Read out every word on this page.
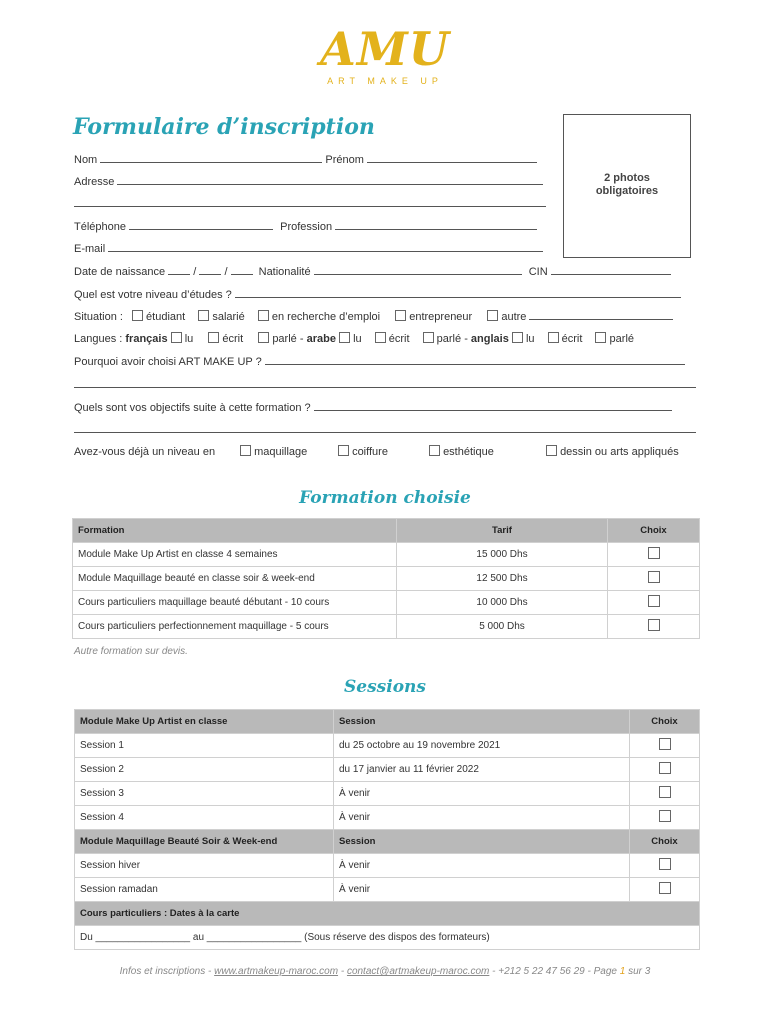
AMU
ART MAKE UP
Formulaire d’inscription
2 photos
obligatoires
Nom	Prénom
Adresse
Téléphone	Profession
E-mail
Date de naissance	/	/	Nationalité	CIN
Quel est votre niveau d’études ?
Situation : étudiant salarié en recherche d’emploi	entrepreneur	autre
Langues : français lu	écrit	parlé - arabe lu écrit parlé - anglais lu écrit parlé
Pourquoi avoir choisi ART MAKE UP ?
Quels sont vos objectifs suite à cette formation ?
Avez-vous déjà un niveau en	maquillage	coiffure	esthétique	dessin ou arts appliqués
Formation choisie
Formation	Tarif	Choix
Module Make Up Artist en classe 4 semaines	15 000 Dhs	
Module Maquillage beauté en classe soir & week-end	12 500 Dhs	
Cours particuliers maquillage beauté débutant - 10 cours	10 000 Dhs	
Cours particuliers perfectionnement maquillage - 5 cours	5 000 Dhs	
Autre formation sur devis.
Sessions
Module Make Up Artist en classe	Session	Choix
Session 1	du 25 octobre au 19 novembre 2021	
Session 2	du 17 janvier au 11 février 2022	
Session 3	À venir	
Session 4	À venir	
Module Maquillage Beauté Soir & Week-end	Session	Choix
Session hiver	À venir	
Session ramadan	À venir	
Cours particuliers : Dates à la carte		
Du _________________ au _________________ (Sous réserve des dispos des formateurs)		
Infos et inscriptions - www.artmakeup-maroc.com - contact@artmakeup-maroc.com - +212 5 22 47 56 29 - Page 1 sur 3
